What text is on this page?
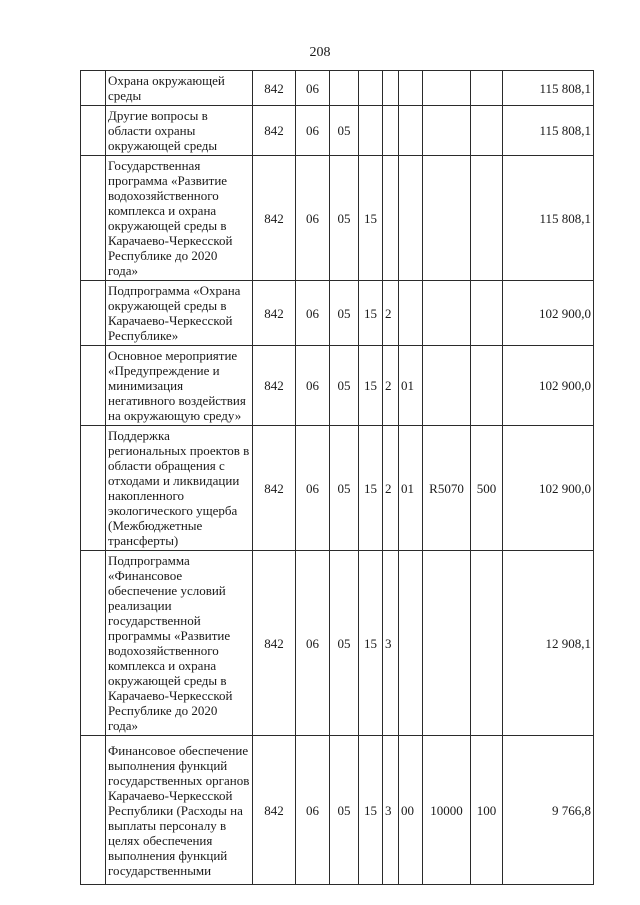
208
	Охрана окружающей среды	842	06							115 808,1
	Другие вопросы в области охраны окружающей среды	842	06	05						115 808,1
	Государственная программа «Развитие водохозяйственного комплекса и охрана окружающей среды в Карачаево-Черкесской Республике до 2020 года»	842	06	05	15					115 808,1
	Подпрограмма «Охрана окружающей среды в Карачаево-Черкесской Республике»	842	06	05	15	2				102 900,0
	Основное мероприятие «Предупреждение и минимизация негативного воздействия на окружающую среду»	842	06	05	15	2	01			102 900,0
	Поддержка региональных проектов в области обращения с отходами и ликвидации накопленного экологического ущерба (Межбюджетные трансферты)	842	06	05	15	2	01	R5070	500	102 900,0
	Подпрограмма «Финансовое обеспечение условий реализации государственной программы «Развитие водохозяйственного комплекса и охрана окружающей среды в Карачаево-Черкесской Республике до 2020 года»	842	06	05	15	3				12 908,1
	Финансовое обеспечение выполнения функций государственных органов Карачаево-Черкесской Республики (Расходы на выплаты персоналу в целях обеспечения выполнения функций государственными	842	06	05	15	3	00	10000	100	9 766,8
